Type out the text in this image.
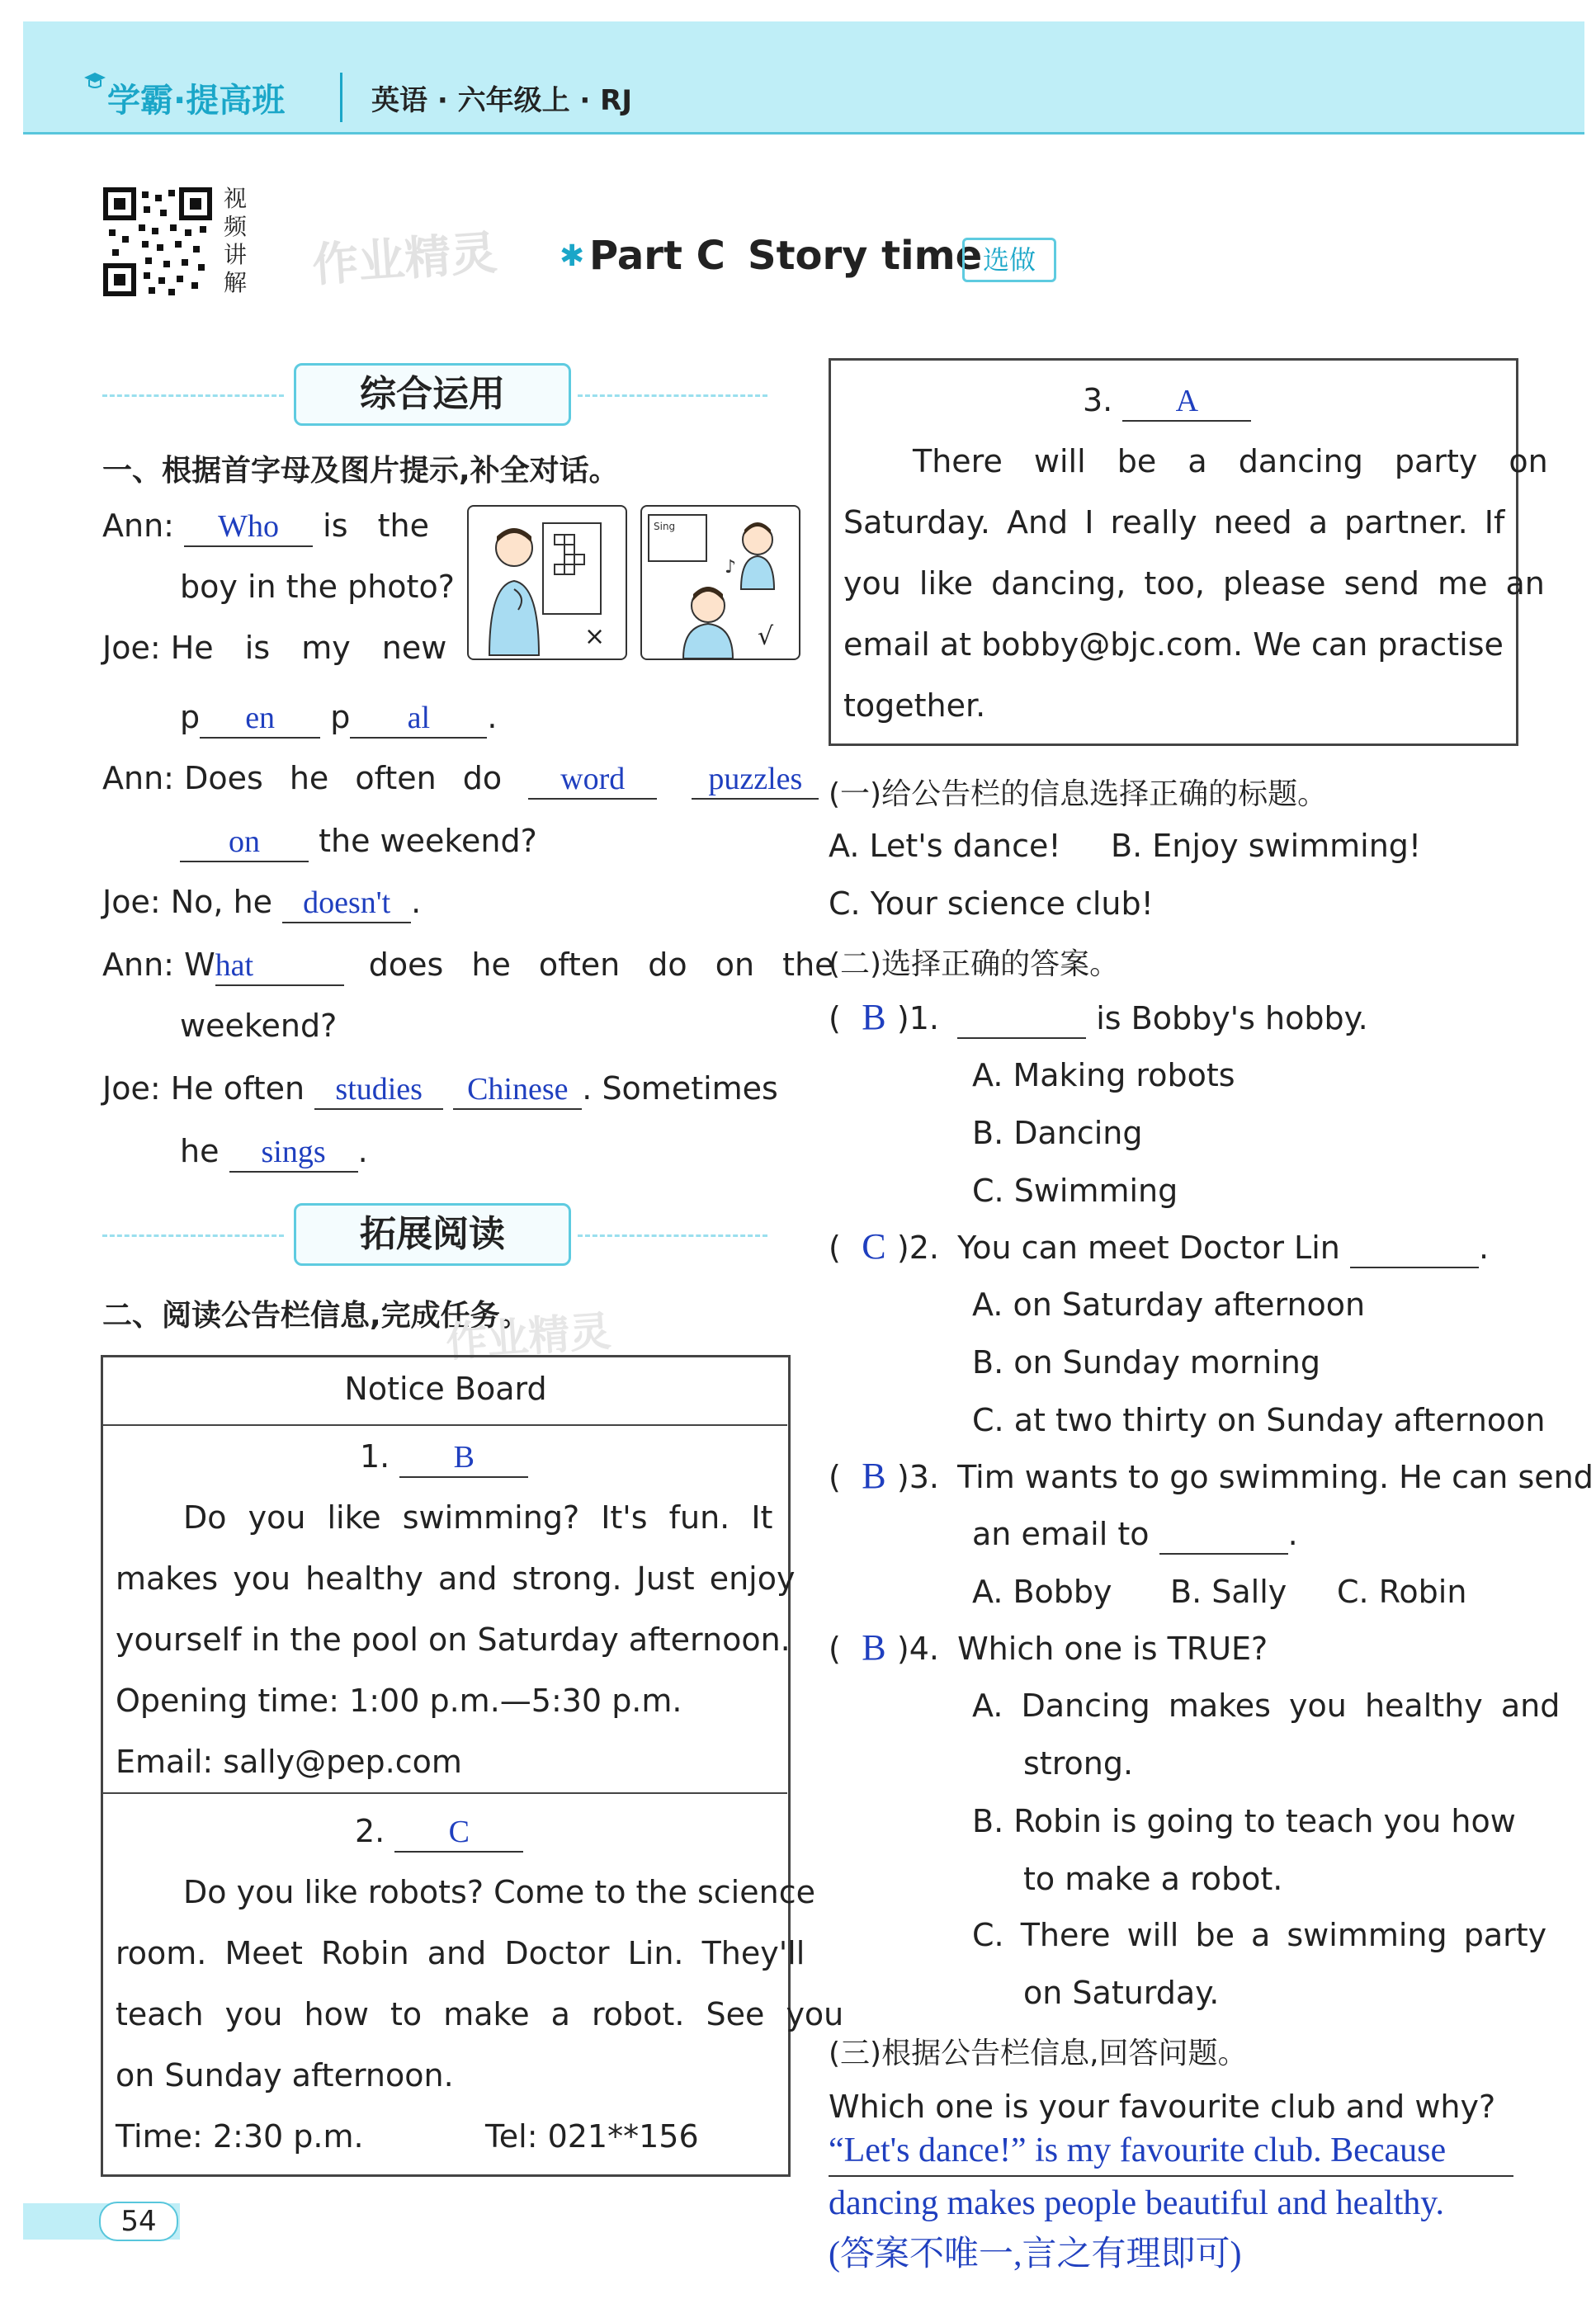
学霸·提高班	英语 · 六年级上 · RJ
视
频
讲
解 作业精灵 ✱ Part C Story time 选做
综合运用
一、根据首字母及图片提示,补全对话。
Ann: Who is the
boy in the photo?
Joe: He is my new	×
Sing
♪
√
p en p al .
Ann: Does he often do word	puzzles
on the weekend?
Joe: No, he doesn't .
Ann: What	does he often do on the
weekend?
Joe: He often studies Chinese . Sometimes
he sings .
拓展阅读
二、阅读公告栏信息,完成任务。
作业精灵
Notice Board
1. B
Do you like swimming? It's fun. It
makes you healthy and strong. Just enjoy
yourself in the pool on Saturday afternoon.
Opening time: 1:00 p.m.—5:30 p.m.
Email: sally@pep.com
2. C
Do you like robots? Come to the science
room. Meet Robin and Doctor Lin. They'll
teach you how to make a robot. See you
on Sunday afternoon.
Time: 2:30 p.m.	Tel: 021**156
3. A
There will be a dancing party on
Saturday. And I really need a partner. If
you like dancing, too, please send me an
email at bobby@bjc.com. We can practise
together.
(一)给公告栏的信息选择正确的标题。
A. Let's dance! B. Enjoy swimming!
C. Your science club!
(二)选择正确的答案。
( B )1.	is Bobby's hobby.
A. Making robots
B. Dancing
C. Swimming
( C )2. You can meet Doctor Lin	.
A. on Saturday afternoon
B. on Sunday morning
C. at two thirty on Sunday afternoon
( B )3. Tim wants to go swimming. He can send
an email to	.
A. Bobby B. Sally C. Robin
( B )4. Which one is TRUE?
A. Dancing makes you healthy and
strong.
B. Robin is going to teach you how
to make a robot.
C. There will be a swimming party
on Saturday.
(三)根据公告栏信息,回答问题。
Which one is your favourite club and why?
“Let's dance!” is my favourite club. Because
dancing makes people beautiful and healthy.
(答案不唯一,言之有理即可)
54
